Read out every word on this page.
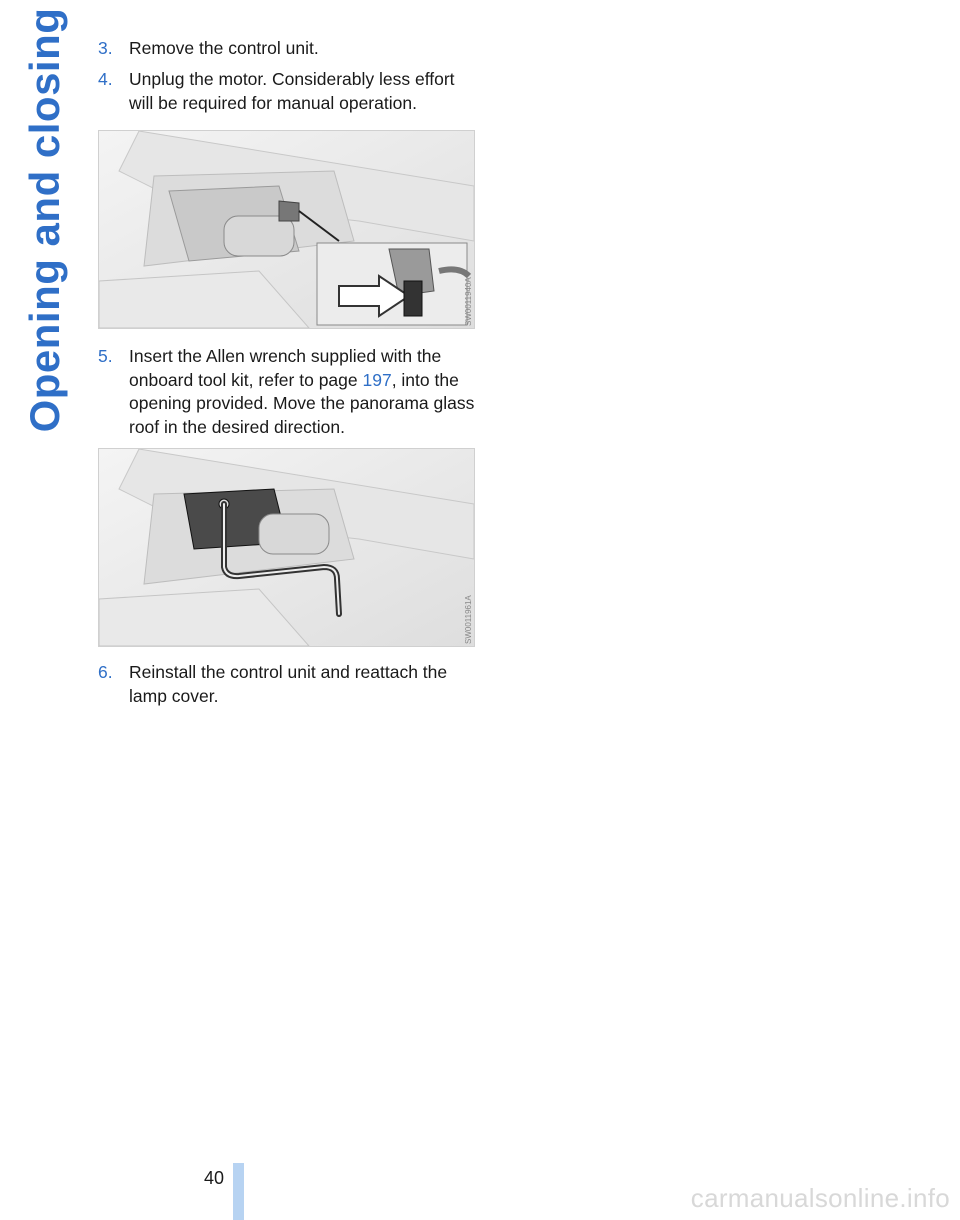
Opening and closing 3. Remove the control unit.
4. Unplug the motor. Considerably less effort will be required for manual operation.
SW0011940A
5. Insert the Allen wrench supplied with the onboard tool kit, refer to page 197, into the opening provided. Move the panorama glass roof in the desired direction.
SW0011961A
6. Reinstall the control unit and reattach the lamp cover.
40
carmanualsonline.info
